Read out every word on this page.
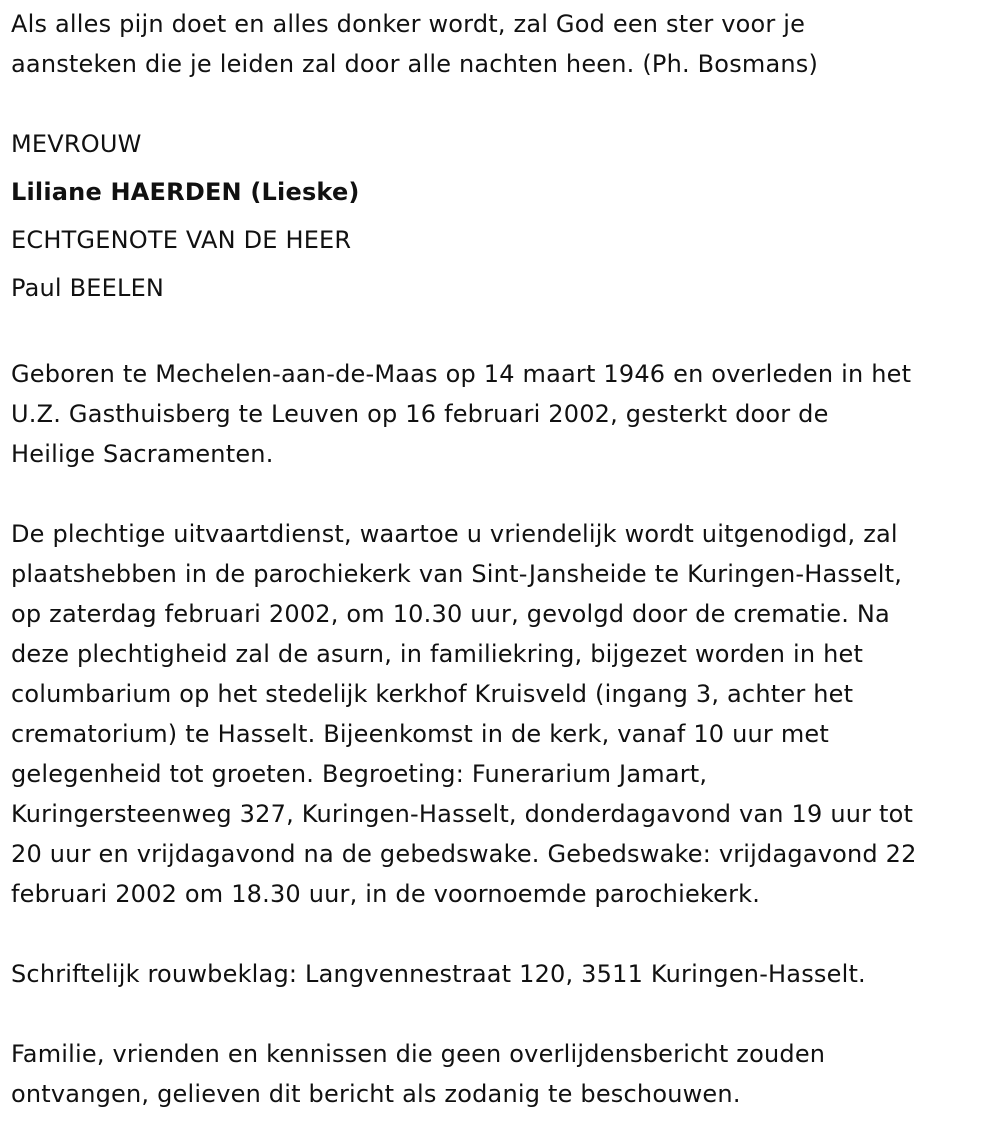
Als alles pijn doet en alles donker wordt, zal God een ster voor je
aansteken die je leiden zal door alle nachten heen. (Ph. Bosmans)
MEVROUW
Liliane HAERDEN (Lieske)
ECHTGENOTE VAN DE HEER
Paul BEELEN
Geboren te Mechelen-aan-de-Maas op 14 maart 1946 en overleden in het
U.Z. Gasthuisberg te Leuven op 16 februari 2002, gesterkt door de
Heilige Sacramenten.
De plechtige uitvaartdienst, waartoe u vriendelijk wordt uitgenodigd, zal
plaatshebben in de parochiekerk van Sint-Jansheide te Kuringen-Hasselt,
op zaterdag februari 2002, om 10.30 uur, gevolgd door de crematie. Na
deze plechtigheid zal de asurn, in familiekring, bijgezet worden in het
columbarium op het stedelijk kerkhof Kruisveld (ingang 3, achter het
crematorium) te Hasselt. Bijeenkomst in de kerk, vanaf 10 uur met
gelegenheid tot groeten. Begroeting: Funerarium Jamart,
Kuringersteenweg 327, Kuringen-Hasselt, donderdagavond van 19 uur tot
20 uur en vrijdagavond na de gebedswake. Gebedswake: vrijdagavond 22
februari 2002 om 18.30 uur, in de voornoemde parochiekerk.
Schriftelijk rouwbeklag: Langvennestraat 120, 3511 Kuringen-Hasselt.
Familie, vrienden en kennissen die geen overlijdensbericht zouden
ontvangen, gelieven dit bericht als zodanig te beschouwen.
